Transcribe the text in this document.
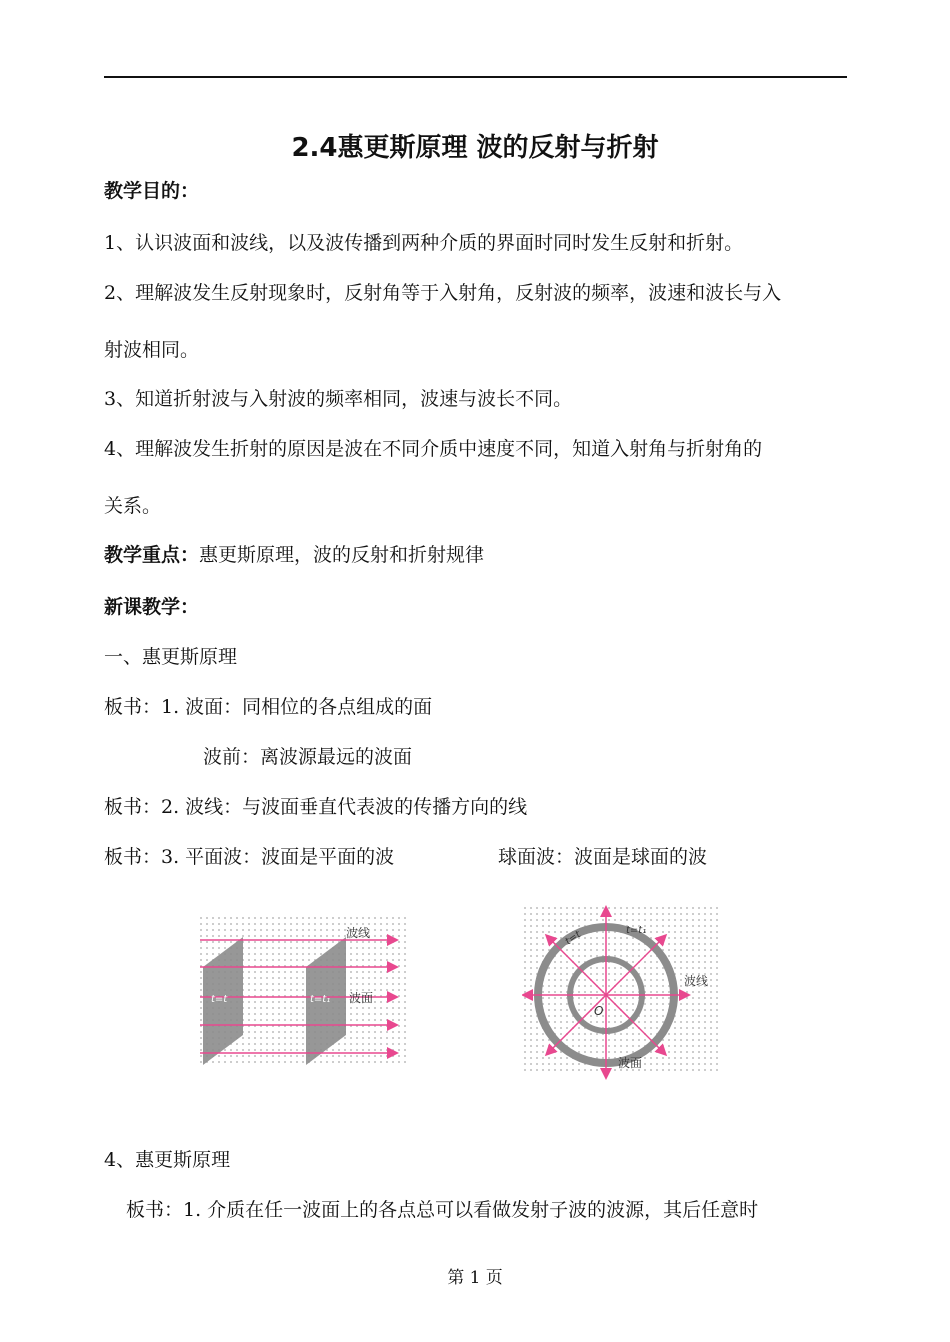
2.4惠更斯原理 波的反射与折射
教学目的：
1、认识波面和波线，以及波传播到两种介质的界面时同时发生反射和折射。
2、理解波发生反射现象时，反射角等于入射角，反射波的频率，波速和波长与入
射波相同。
3、知道折射波与入射波的频率相同，波速与波长不同。
4、理解波发生折射的原因是波在不同介质中速度不同，知道入射角与折射角的
关系。
教学重点：惠更斯原理，波的反射和折射规律
新课教学：
一、惠更斯原理
板书：1. 波面：同相位的各点组成的面
波前：离波源最远的波面
板书：2. 波线：与波面垂直代表波的传播方向的线
板书：3. 平面波：波面是平面的波	球面波：波面是球面的波
波线
波面
t=t	t=t₁
波线
波面
t=t	t=t₁
O
4、惠更斯原理
板书：1. 介质在任一波面上的各点总可以看做发射子波的波源，其后任意时
第 1 页
